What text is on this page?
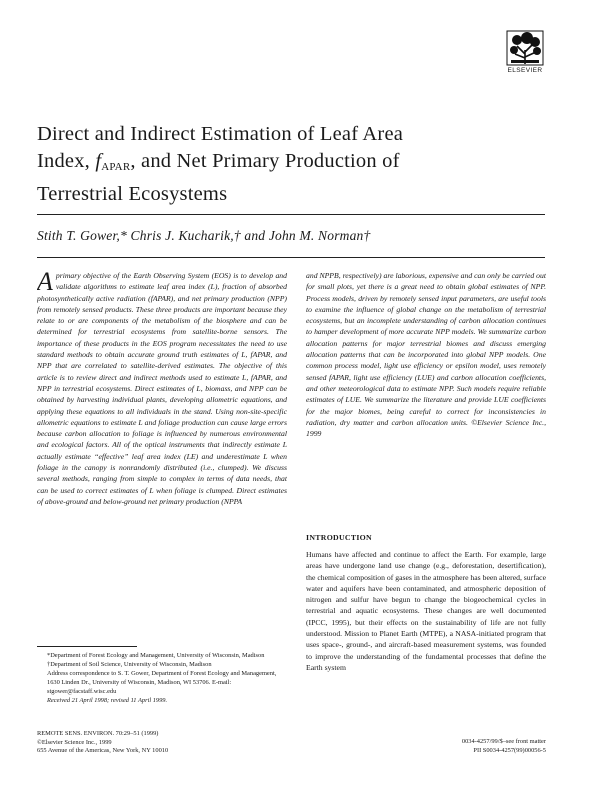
ELSEVIER
Direct and Indirect Estimation of Leaf Area
Index, $f_{APAR}$, and Net Primary Production of
Terrestrial Ecosystems
Stith T. Gower,* Chris J. Kucharik,† and John M. Norman†
A primary objective of the Earth Observing System (EOS) is to develop and validate algorithms to estimate leaf area index (L), fraction of absorbed photosynthetically active radiation (fAPAR), and net primary production (NPP) from remotely sensed products. These three products are important because they relate to or are components of the metabolism of the biosphere and can be determined for terrestrial ecosystems from satellite-borne sensors. The importance of these products in the EOS program necessitates the need to use standard methods to obtain accurate ground truth estimates of L, fAPAR, and NPP that are correlated to satellite-derived estimates. The objective of this article is to review direct and indirect methods used to estimate L, fAPAR, and NPP in terrestrial ecosystems. Direct estimates of L, biomass, and NPP can be obtained by harvesting individual plants, developing allometric equations, and applying these equations to all individuals in the stand. Using non-site-specific allometric equations to estimate L and foliage production can cause large errors because carbon allocation to foliage is influenced by numerous environmental and ecological factors. All of the optical instruments that indirectly estimate L actually estimate “effective” leaf area index (LE) and underestimate L when foliage in the canopy is nonrandomly distributed (i.e., clumped). We discuss several methods, ranging from simple to complex in terms of data needs, that can be used to correct estimates of L when foliage is clumped. Direct estimates of above-ground and below-ground net primary production (NPPA
and NPPB, respectively) are laborious, expensive and can only be carried out for small plots, yet there is a great need to obtain global estimates of NPP. Process models, driven by remotely sensed input parameters, are useful tools to examine the influence of global change on the metabolism of terrestrial ecosystems, but an incomplete understanding of carbon allocation continues to hamper development of more accurate NPP models. We summarize carbon allocation patterns for major terrestrial biomes and discuss emerging allocation patterns that can be incorporated into global NPP models. One common process model, light use efficiency or epsilon model, uses remotely sensed fAPAR, light use efficiency (LUE) and carbon allocation coefficients, and other meteorological data to estimate NPP. Such models require reliable estimates of LUE. We summarize the literature and provide LUE coefficients for the major biomes, being careful to correct for inconsistencies in radiation, dry matter and carbon allocation units. ©Elsevier Science Inc., 1999
INTRODUCTION
Humans have affected and continue to affect the Earth. For example, large areas have undergone land use change (e.g., deforestation, desertification), the chemical composition of gases in the atmosphere has been altered, surface water and aquifers have been contaminated, and atmospheric deposition of nitrogen and sulfur have begun to change the biogeochemical cycles in terrestrial and aquatic ecosystems. These changes are well documented (IPCC, 1995), but their effects on the sustainability of life are not fully understood. Mission to Planet Earth (MTPE), a NASA-initiated program that uses space-, ground-, and aircraft-based measurement systems, was founded to improve the understanding of the fundamental processes that define the Earth system

*Department of Forest Ecology and Management, University of Wisconsin, Madison

†Department of Soil Science, University of Wisconsin, Madison

Address correspondence to S. T. Gower, Department of Forest Ecology and Management, 1630 Linden Dr., University of Wisconsin, Madison, WI 53706. E-mail: stgower@facstaff.wisc.edu

Received 21 April 1998; revised 11 April 1999.

REMOTE SENS. ENVIRON. 70:29–51 (1999)
©Elsevier Science Inc., 1999
655 Avenue of the Americas, New York, NY 10010
0034-4257/99/$–see front matter
PII S0034-4257(99)00056-5
